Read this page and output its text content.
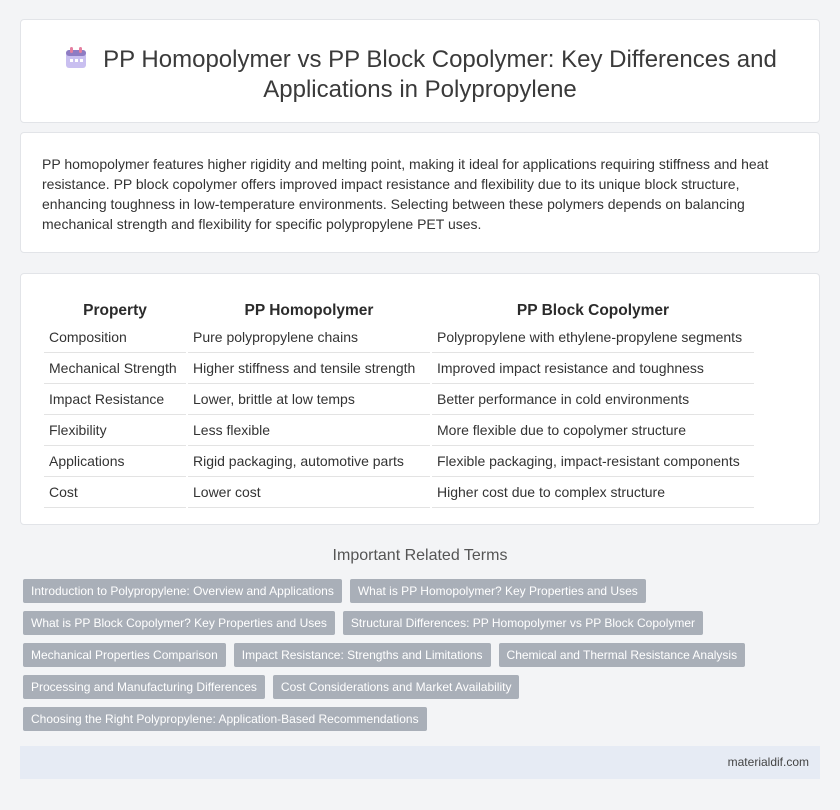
PP Homopolymer vs PP Block Copolymer: Key Differences and Applications in Polypropylene

PP homopolymer features higher rigidity and melting point, making it ideal for applications requiring stiffness and heat resistance. PP block copolymer offers improved impact resistance and flexibility due to its unique block structure, enhancing toughness in low-temperature environments. Selecting between these polymers depends on balancing mechanical strength and flexibility for specific polypropylene PET uses.

Property	PP Homopolymer	PP Block Copolymer
Composition	Pure polypropylene chains	Polypropylene with ethylene-propylene segments
Mechanical Strength	Higher stiffness and tensile strength	Improved impact resistance and toughness
Impact Resistance	Lower, brittle at low temps	Better performance in cold environments
Flexibility	Less flexible	More flexible due to copolymer structure
Applications	Rigid packaging, automotive parts	Flexible packaging, impact-resistant components
Cost	Lower cost	Higher cost due to complex structure
Important Related Terms
Introduction to Polypropylene: Overview and Applications	What is PP Homopolymer? Key Properties and Uses
What is PP Block Copolymer? Key Properties and Uses	Structural Differences: PP Homopolymer vs PP Block Copolymer
Mechanical Properties Comparison	Impact Resistance: Strengths and Limitations	Chemical and Thermal Resistance Analysis
Processing and Manufacturing Differences	Cost Considerations and Market Availability
Choosing the Right Polypropylene: Application-Based Recommendations
materialdif.com
